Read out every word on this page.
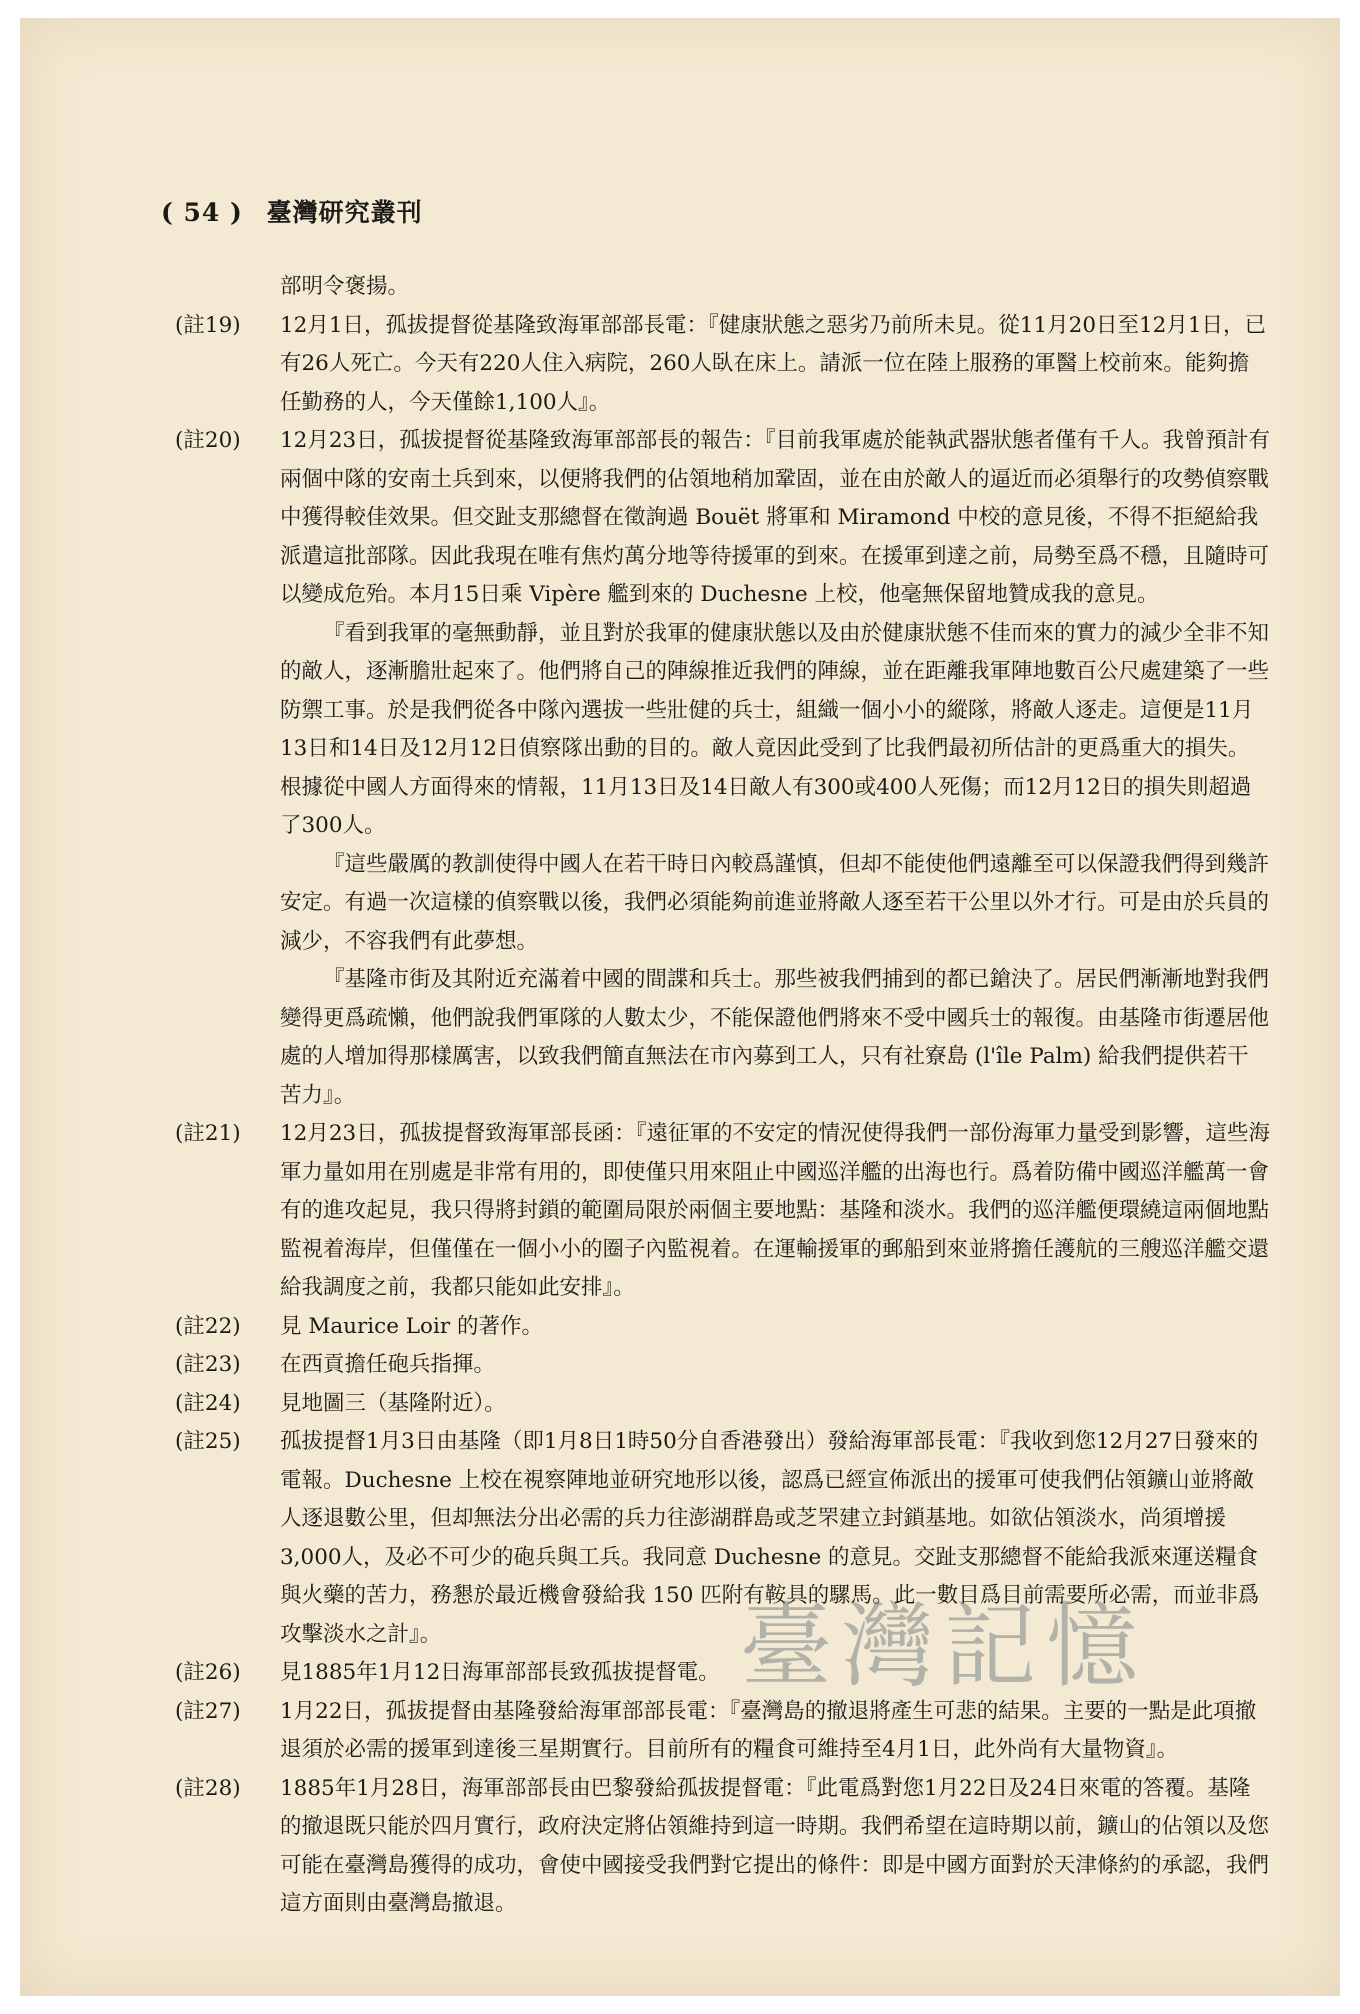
( 54 ) 臺灣研究叢刊
部明令褒揚。
(註19)	12月1日，孤拔提督從基隆致海軍部部長電：『健康狀態之惡劣乃前所未見。從11月20日至12月1日，已有26人死亡。今天有220人住入病院，260人臥在床上。請派一位在陸上服務的軍醫上校前來。能夠擔任勤務的人，今天僅餘1,100人』。
(註20)	12月23日，孤拔提督從基隆致海軍部部長的報告：『目前我軍處於能執武器狀態者僅有千人。我曾預計有兩個中隊的安南土兵到來，以便將我們的佔領地稍加鞏固，並在由於敵人的逼近而必須舉行的攻勢偵察戰中獲得較佳效果。但交趾支那總督在徵詢過 Bouët 將軍和 Miramond 中校的意見後，不得不拒絕給我派遣這批部隊。因此我現在唯有焦灼萬分地等待援軍的到來。在援軍到達之前，局勢至爲不穩，且隨時可以變成危殆。本月15日乘 Vipère 艦到來的 Duchesne 上校，他毫無保留地贊成我的意見。
『看到我軍的毫無動靜，並且對於我軍的健康狀態以及由於健康狀態不佳而來的實力的減少全非不知的敵人，逐漸膽壯起來了。他們將自己的陣線推近我們的陣線，並在距離我軍陣地數百公尺處建築了一些防禦工事。於是我們從各中隊內選拔一些壯健的兵士，組織一個小小的縱隊，將敵人逐走。這便是11月13日和14日及12月12日偵察隊出動的目的。敵人竟因此受到了比我們最初所估計的更爲重大的損失。根據從中國人方面得來的情報，11月13日及14日敵人有300或400人死傷；而12月12日的損失則超過了300人。
『這些嚴厲的教訓使得中國人在若干時日內較爲謹慎，但却不能使他們遠離至可以保證我們得到幾許安定。有過一次這樣的偵察戰以後，我們必須能夠前進並將敵人逐至若干公里以外才行。可是由於兵員的減少，不容我們有此夢想。
『基隆市街及其附近充滿着中國的間諜和兵士。那些被我們捕到的都已鎗決了。居民們漸漸地對我們變得更爲疏懶，他們說我們軍隊的人數太少，不能保證他們將來不受中國兵士的報復。由基隆市街遷居他處的人增加得那樣厲害，以致我們簡直無法在市內募到工人，只有社寮島 (l'île Palm) 給我們提供若干苦力』。
(註21)	12月23日，孤拔提督致海軍部長函：『遠征軍的不安定的情況使得我們一部份海軍力量受到影響，這些海軍力量如用在別處是非常有用的，即使僅只用來阻止中國巡洋艦的出海也行。爲着防備中國巡洋艦萬一會有的進攻起見，我只得將封鎖的範圍局限於兩個主要地點：基隆和淡水。我們的巡洋艦便環繞這兩個地點監視着海岸，但僅僅在一個小小的圈子內監視着。在運輸援軍的郵船到來並將擔任護航的三艘巡洋艦交還給我調度之前，我都只能如此安排』。
(註22)	見 Maurice Loir 的著作。
(註23)	在西貢擔任砲兵指揮。
(註24)	見地圖三（基隆附近）。
(註25)	孤拔提督1月3日由基隆（即1月8日1時50分自香港發出）發給海軍部長電：『我收到您12月27日發來的電報。Duchesne 上校在視察陣地並研究地形以後，認爲已經宣佈派出的援軍可使我們佔領鑛山並將敵人逐退數公里，但却無法分出必需的兵力往澎湖群島或芝罘建立封鎖基地。如欲佔領淡水，尚須增援3,000人，及必不可少的砲兵與工兵。我同意 Duchesne 的意見。交趾支那總督不能給我派來運送糧食與火藥的苦力，務懇於最近機會發給我 150 匹附有鞍具的騾馬。此一數目爲目前需要所必需，而並非爲攻擊淡水之計』。
(註26)	見1885年1月12日海軍部部長致孤拔提督電。
(註27)	1月22日，孤拔提督由基隆發給海軍部部長電：『臺灣島的撤退將產生可悲的結果。主要的一點是此項撤退須於必需的援軍到達後三星期實行。目前所有的糧食可維持至4月1日，此外尚有大量物資』。
(註28)	1885年1月28日，海軍部部長由巴黎發給孤拔提督電：『此電爲對您1月22日及24日來電的答覆。基隆的撤退既只能於四月實行，政府決定將佔領維持到這一時期。我們希望在這時期以前，鑛山的佔領以及您可能在臺灣島獲得的成功，會使中國接受我們對它提出的條件：即是中國方面對於天津條約的承認，我們這方面則由臺灣島撤退。
臺灣記憶
